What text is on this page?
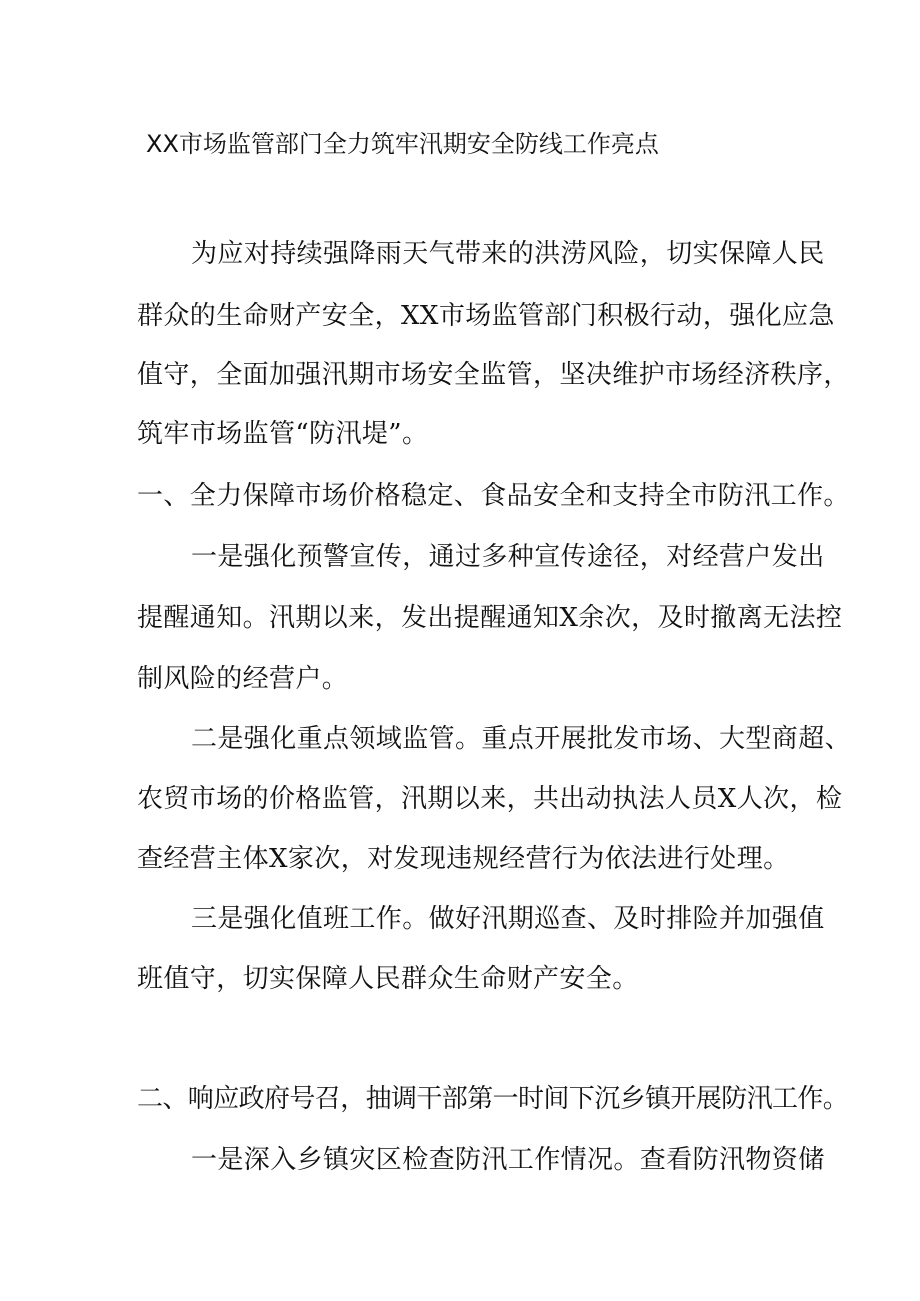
XX市场监管部门全力筑牢汛期安全防线工作亮点
为应对持续强降雨天气带来的洪涝风险，切实保障人民
群众的生命财产安全，XX市场监管部门积极行动，强化应急
值守，全面加强汛期市场安全监管，坚决维护市场经济秩序，
筑牢市场监管“防汛堤”。
一、全力保障市场价格稳定、食品安全和支持全市防汛工作。
一是强化预警宣传，通过多种宣传途径，对经营户发出
提醒通知。汛期以来，发出提醒通知X余次，及时撤离无法控
制风险的经营户。
二是强化重点领域监管。重点开展批发市场、大型商超、
农贸市场的价格监管，汛期以来，共出动执法人员X人次，检
查经营主体X家次，对发现违规经营行为依法进行处理。
三是强化值班工作。做好汛期巡查、及时排险并加强值
班值守，切实保障人民群众生命财产安全。
二、响应政府号召，抽调干部第一时间下沉乡镇开展防汛工作。
一是深入乡镇灾区检查防汛工作情况。查看防汛物资储
